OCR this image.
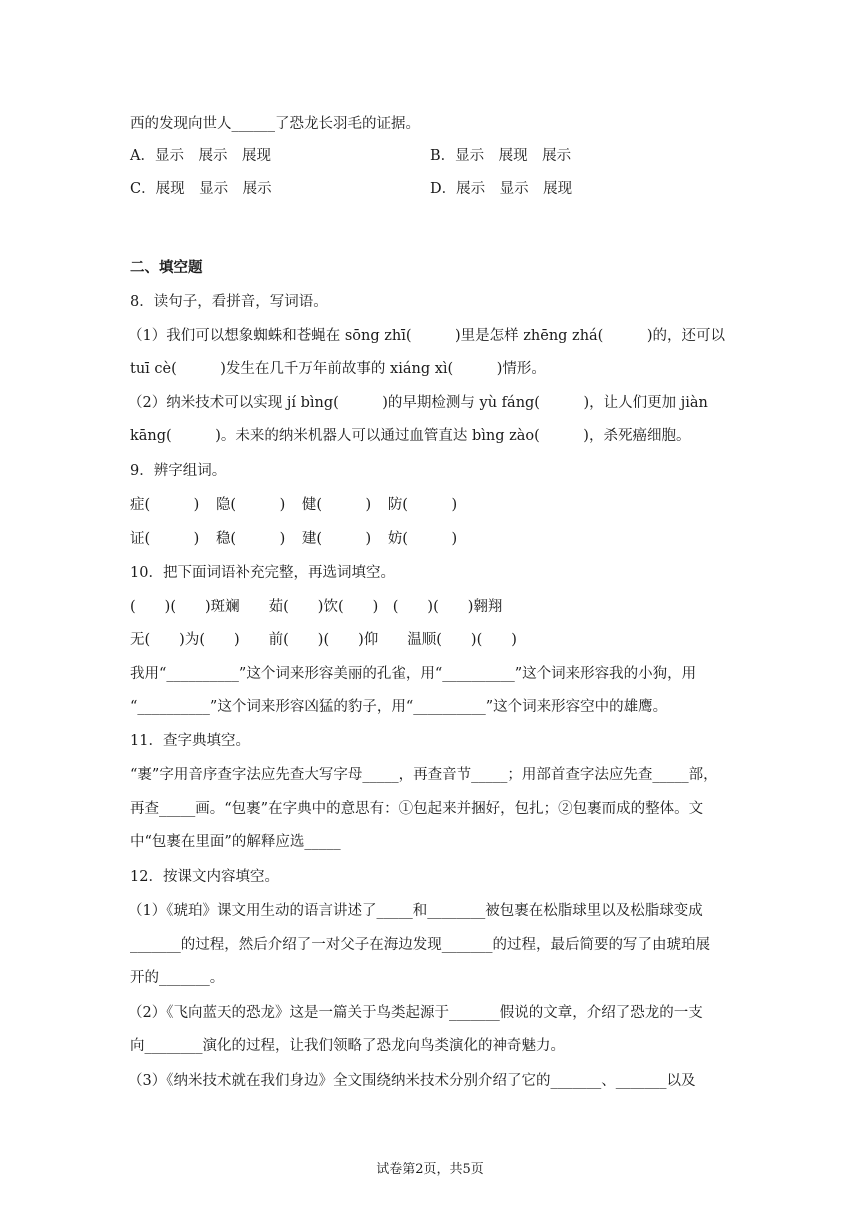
西的发现向世人______了恐龙长羽毛的证据。
A．显示　展示　展现	B．显示　展现　展示
C．展现　显示　展示	D．展示　显示　展现
二、填空题
8．读句子，看拼音，写词语。
（1）我们可以想象蜘蛛和苍蝇在 sōng zhī(　　　)里是怎样 zhēng zhá(　　　)的，还可以
tuī cè(　　　)发生在几千万年前故事的 xiáng xì(　　　)情形。
（2）纳米技术可以实现 jí bìng(　　　)的早期检测与 yù fáng(　　　)，让人们更加 jiàn
kāng(　　　)。未来的纳米机器人可以通过血管直达 bìng zào(　　　)，杀死癌细胞。
9．辨字组词。
症(　　　) 隐(　　　) 健(　　　) 防(　　　)
证(　　　) 稳(　　　) 建(　　　) 妨(　　　)
10．把下面词语补充完整，再选词填空。
(　　)(　　)斑斓　　茹(　　)饮(　　)　(　　)(　　)翱翔
无(　　)为(　　)　　前(　　)(　　)仰　　温顺(　　)(　　)
我用“__________”这个词来形容美丽的孔雀，用“__________”这个词来形容我的小狗，用
“__________”这个词来形容凶猛的豹子，用“__________”这个词来形容空中的雄鹰。
11．查字典填空。
“裹”字用音序查字法应先查大写字母_____，再查音节_____；用部首查字法应先查_____部，
再查_____画。“包裹”在字典中的意思有：①包起来并捆好，包扎；②包裹而成的整体。文
中“包裹在里面”的解释应选_____
12．按课文内容填空。
（1）《琥珀》课文用生动的语言讲述了_____和________被包裹在松脂球里以及松脂球变成
_______的过程，然后介绍了一对父子在海边发现_______的过程，最后简要的写了由琥珀展
开的_______。
（2）《飞向蓝天的恐龙》这是一篇关于鸟类起源于_______假说的文章，介绍了恐龙的一支
向________演化的过程，让我们领略了恐龙向鸟类演化的神奇魅力。
（3）《纳米技术就在我们身边》全文围绕纳米技术分别介绍了它的_______、_______以及
试卷第2页，共5页
